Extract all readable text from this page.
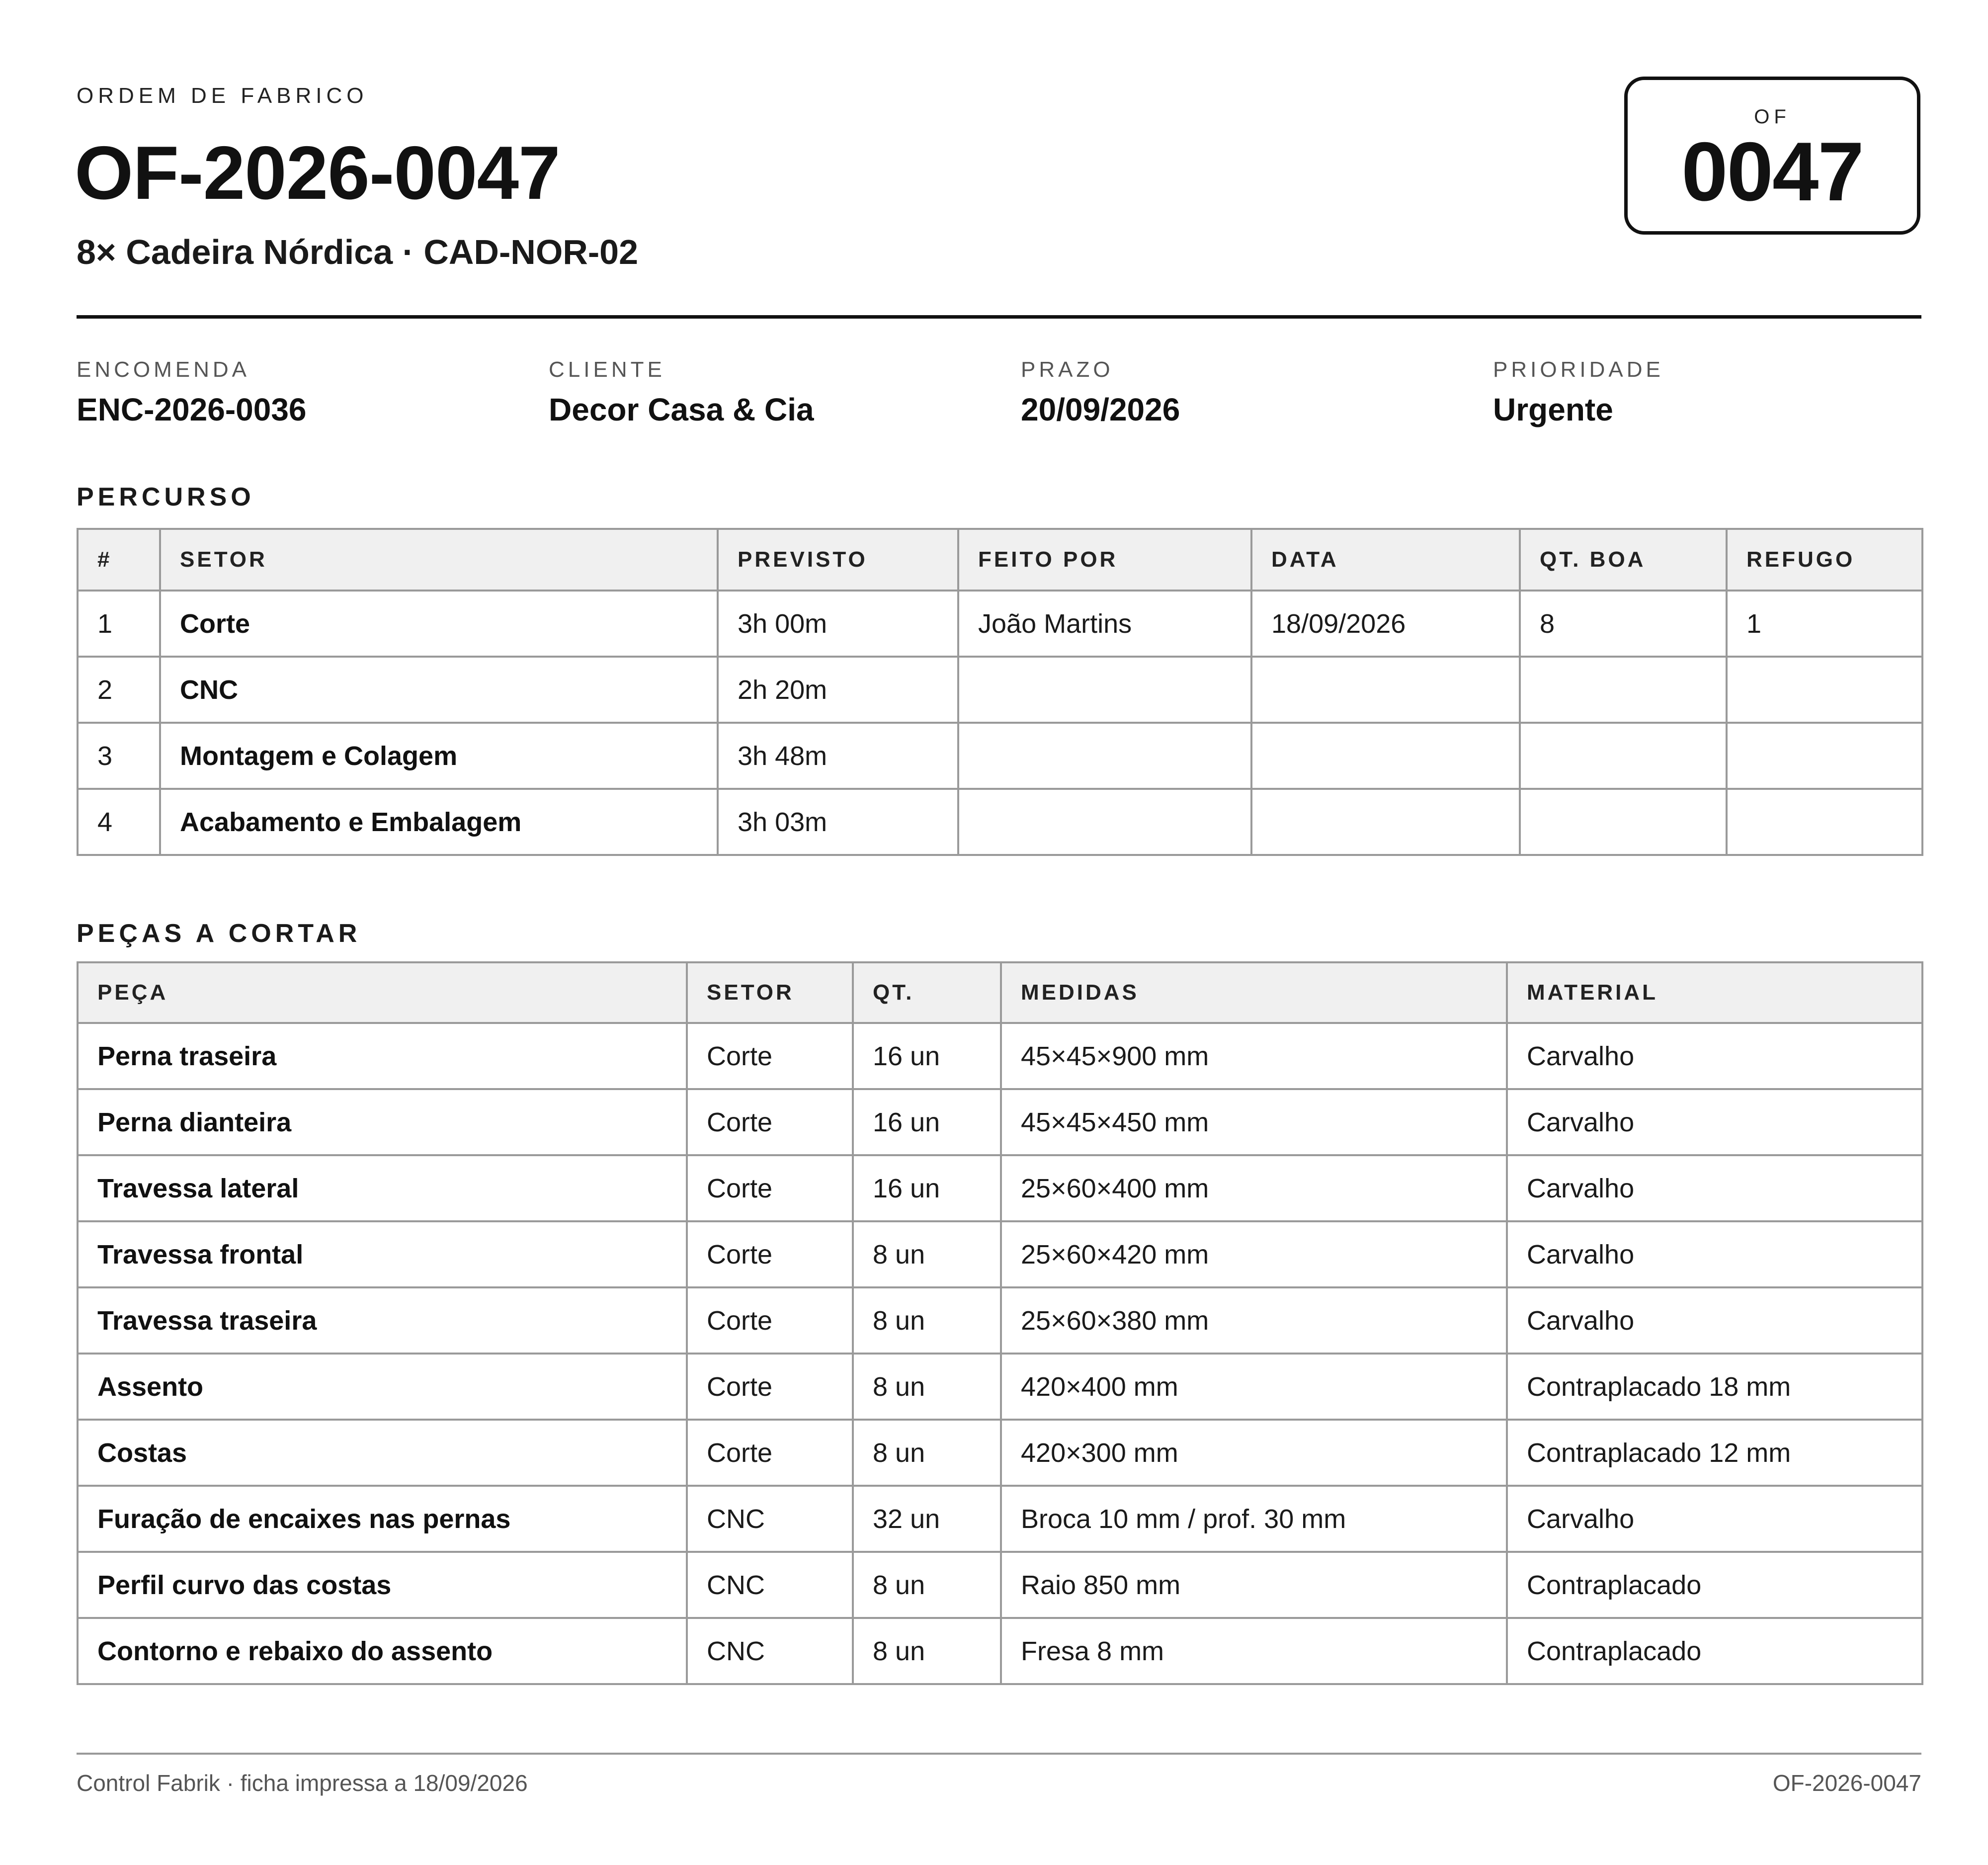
ORDEM DE FABRICO
OF-2026-0047
8× Cadeira Nórdica · CAD-NOR-02
OF
0047
ENCOMENDA
ENC-2026-0036
CLIENTE
Decor Casa & Cia
PRAZO
20/09/2026
PRIORIDADE
Urgente
PERCURSO
#	SETOR	PREVISTO	FEITO POR	DATA	QT. BOA	REFUGO
1	Corte	3h 00m	João Martins	18/09/2026	8	1
2	CNC	2h 20m				
3	Montagem e Colagem	3h 48m				
4	Acabamento e Embalagem	3h 03m				
PEÇAS A CORTAR
PEÇA	SETOR	QT.	MEDIDAS	MATERIAL
Perna traseira	Corte	16 un	45×45×900 mm	Carvalho
Perna dianteira	Corte	16 un	45×45×450 mm	Carvalho
Travessa lateral	Corte	16 un	25×60×400 mm	Carvalho
Travessa frontal	Corte	8 un	25×60×420 mm	Carvalho
Travessa traseira	Corte	8 un	25×60×380 mm	Carvalho
Assento	Corte	8 un	420×400 mm	Contraplacado 18 mm
Costas	Corte	8 un	420×300 mm	Contraplacado 12 mm
Furação de encaixes nas pernas	CNC	32 un	Broca 10 mm / prof. 30 mm	Carvalho
Perfil curvo das costas	CNC	8 un	Raio 850 mm	Contraplacado
Contorno e rebaixo do assento	CNC	8 un	Fresa 8 mm	Contraplacado
Control Fabrik · ficha impressa a 18/09/2026	OF-2026-0047
